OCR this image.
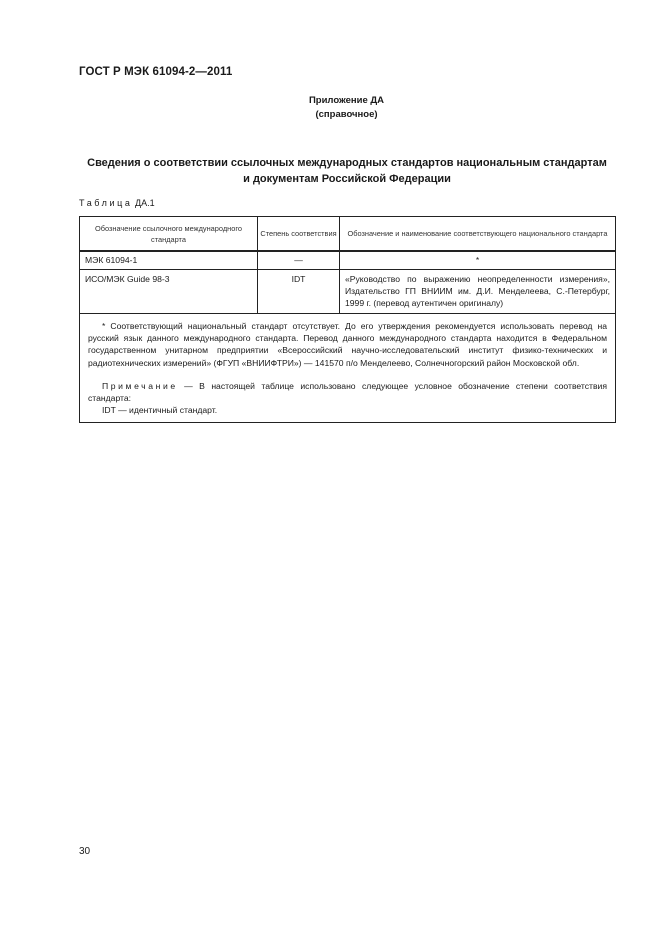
ГОСТ Р МЭК 61094-2—2011
Приложение ДА
(справочное)
Сведения о соответствии ссылочных международных стандартов национальным стандартам
и документам Российской Федерации
Таблица ДА.1
Обозначение ссылочного международного стандарта	Степень соответствия	Обозначение и наименование соответствующего национального стандарта
МЭК 61094-1	—	*
ИСО/МЭК Guide 98-3	IDT	«Руководство по выражению неопределенности измерения», Издательство ГП ВНИИМ им. Д.И. Менделеева, С.-Петербург, 1999 г. (перевод аутентичен оригиналу)

* Соответствующий национальный стандарт отсутствует. До его утверждения рекомендуется использовать перевод на русский язык данного международного стандарта. Перевод данного международного стандарта находится в Федеральном государственном унитарном предприятии «Всероссийский научно-исследовательский институт физико-технических и радиотехнических измерений» (ФГУП «ВНИИФТРИ») — 141570 п/о Менделеево, Солнечногорский район Московской обл.

Примечание — В настоящей таблице использовано следующее условное обозначение степени соответствия стандарта:

IDT — идентичный стандарт.		

30
